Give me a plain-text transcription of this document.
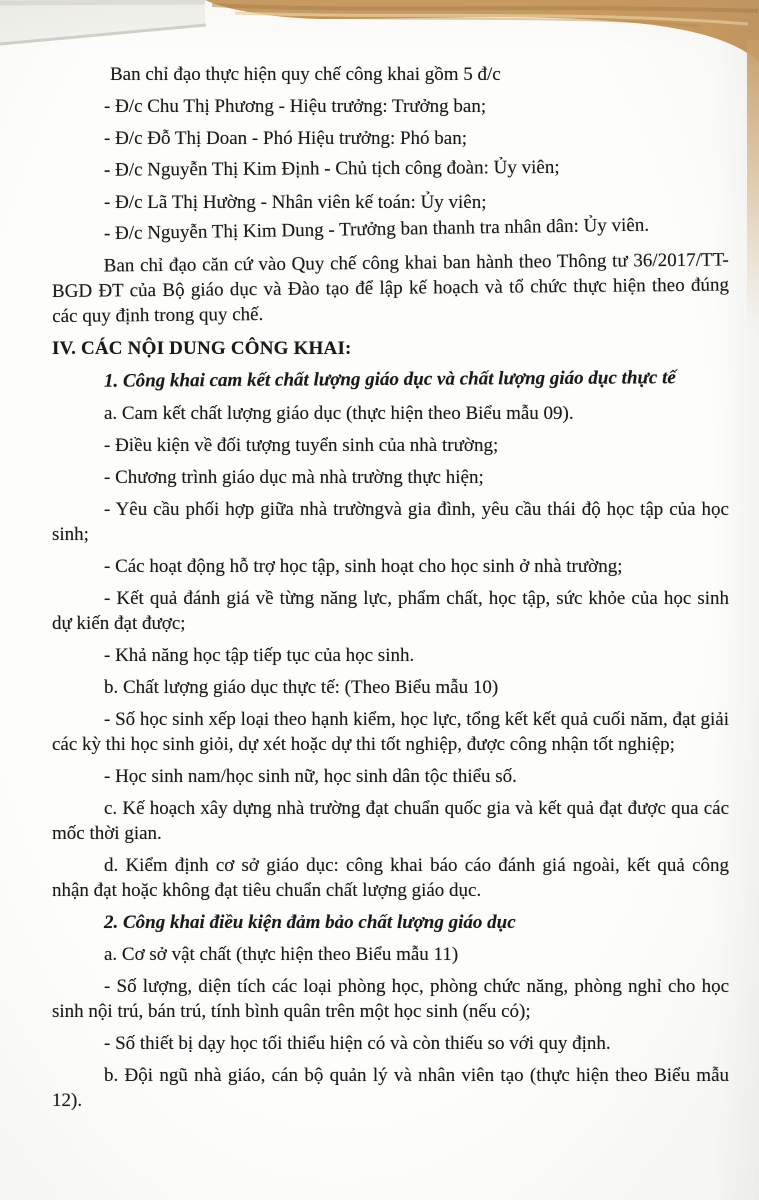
Ban chỉ đạo thực hiện quy chế công khai gồm 5 đ/c

- Đ/c Chu Thị Phương - Hiệu trưởng: Trưởng ban;

- Đ/c Đỗ Thị Doan - Phó Hiệu trưởng: Phó ban;

- Đ/c Nguyễn Thị Kim Định - Chủ tịch công đoàn: Ủy viên;

- Đ/c Lã Thị Hường - Nhân viên kế toán: Ủy viên;

- Đ/c Nguyễn Thị Kim Dung - Trưởng ban thanh tra nhân dân: Ủy viên.

Ban chỉ đạo căn cứ vào Quy chế công khai ban hành theo Thông tư 36/2017/TT-BGD ĐT của Bộ giáo dục và Đào tạo để lập kế hoạch và tổ chức thực hiện theo đúng các quy định trong quy chế.

IV. CÁC NỘI DUNG CÔNG KHAI:

1. Công khai cam kết chất lượng giáo dục và chất lượng giáo dục thực tế

a. Cam kết chất lượng giáo dục (thực hiện theo Biểu mẫu 09).

- Điều kiện về đối tượng tuyển sinh của nhà trường;

- Chương trình giáo dục mà nhà trường thực hiện;

- Yêu cầu phối hợp giữa nhà trườngvà gia đình, yêu cầu thái độ học tập của học sinh;

- Các hoạt động hỗ trợ học tập, sinh hoạt cho học sinh ở nhà trường;

- Kết quả đánh giá về từng năng lực, phẩm chất, học tập, sức khỏe của học sinh dự kiến đạt được;

- Khả năng học tập tiếp tục của học sinh.

b. Chất lượng giáo dục thực tế: (Theo Biểu mẫu 10)

- Số học sinh xếp loại theo hạnh kiểm, học lực, tổng kết kết quả cuối năm, đạt giải các kỳ thi học sinh giỏi, dự xét hoặc dự thi tốt nghiệp, được công nhận tốt nghiệp;

- Học sinh nam/học sinh nữ, học sinh dân tộc thiểu số.

c. Kế hoạch xây dựng nhà trường đạt chuẩn quốc gia và kết quả đạt được qua các mốc thời gian.

d. Kiểm định cơ sở giáo dục: công khai báo cáo đánh giá ngoài, kết quả công nhận đạt hoặc không đạt tiêu chuẩn chất lượng giáo dục.

2. Công khai điều kiện đảm bảo chất lượng giáo dục

a. Cơ sở vật chất (thực hiện theo Biểu mẫu 11)

- Số lượng, diện tích các loại phòng học, phòng chức năng, phòng nghỉ cho học sinh nội trú, bán trú, tính bình quân trên một học sinh (nếu có);

- Số thiết bị dạy học tối thiểu hiện có và còn thiếu so với quy định.

b. Đội ngũ nhà giáo, cán bộ quản lý và nhân viên tạo (thực hiện theo Biểu mẫu 12).
